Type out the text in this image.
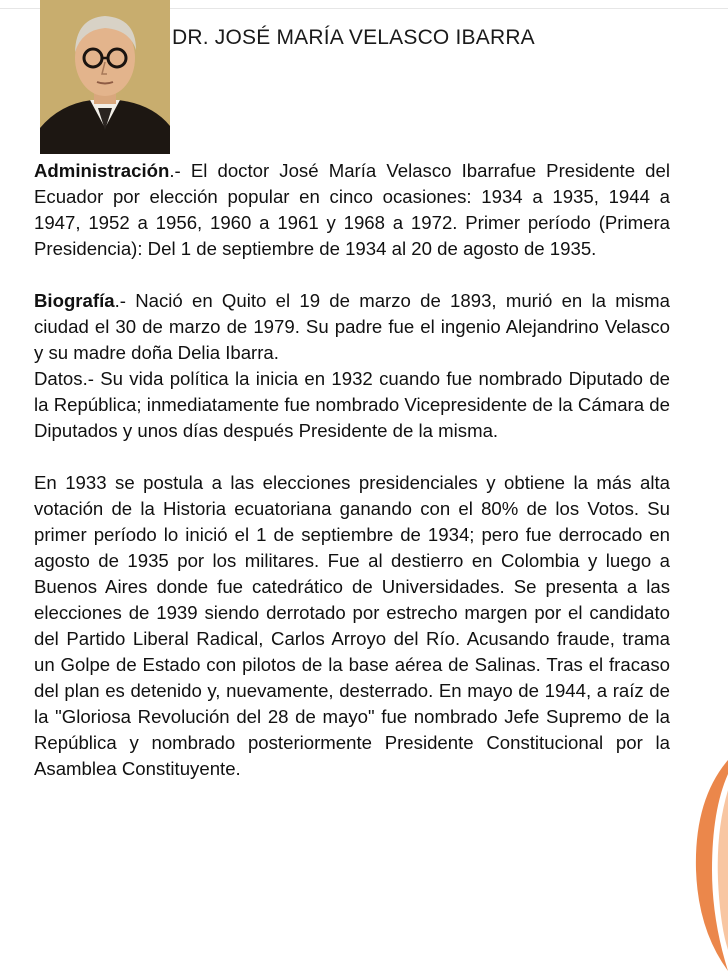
DR. JOSÉ MARÍA VELASCO IBARRA

Administración.- El doctor José María Velasco Ibarrafue Presidente del Ecuador por elección popular en cinco ocasiones: 1934 a 1935, 1944 a 1947, 1952 a 1956, 1960 a 1961 y 1968 a 1972. Primer período (Primera Presidencia): Del 1 de septiembre de 1934 al 20 de agosto de 1935.

Biografía.- Nació en Quito el 19 de marzo de 1893, murió en la misma ciudad el 30 de marzo de 1979. Su padre fue el ingenio Alejandrino Velasco y su madre doña Delia Ibarra.

Datos.- Su vida política la inicia en 1932 cuando fue nombrado Diputado de la República; inmediatamente fue nombrado Vicepresidente de la Cámara de Diputados y unos días después Presidente de la misma.

En 1933 se postula a las elecciones presidenciales y obtiene la más alta votación de la Historia ecuatoriana ganando con el 80% de los Votos. Su primer período lo inició el 1 de septiembre de 1934; pero fue derrocado en agosto de 1935 por los militares. Fue al destierro en Colombia y luego a Buenos Aires donde fue catedrático de Universidades. Se presenta a las elecciones de 1939 siendo derrotado por estrecho margen por el candidato del Partido Liberal Radical, Carlos Arroyo del Río. Acusando fraude, trama un Golpe de Estado con pilotos de la base aérea de Salinas. Tras el fracaso del plan es detenido y, nuevamente, desterrado. En mayo de 1944, a raíz de la "Gloriosa Revolución del 28 de mayo" fue nombrado Jefe Supremo de la República y nombrado posteriormente Presidente Constitucional por la Asamblea Constituyente.
